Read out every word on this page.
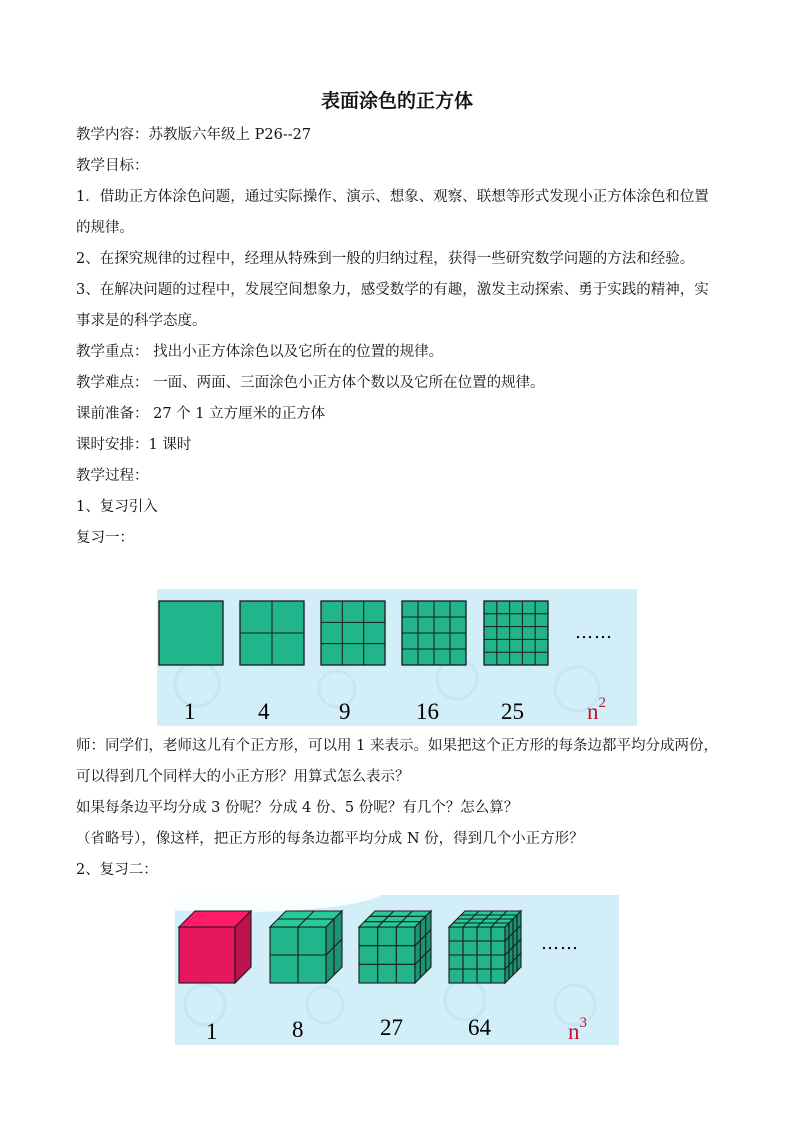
表面涂色的正方体
教学内容：苏教版六年级上 P26--27
教学目标：
1．借助正方体涂色问题，通过实际操作、演示、想象、观察、联想等形式发现小正方体涂色和位置的规律。
2、在探究规律的过程中，经理从特殊到一般的归纳过程，获得一些研究数学问题的方法和经验。
3、在解决问题的过程中，发展空间想象力，感受数学的有趣，激发主动探索、勇于实践的精神，实事求是的科学态度。
教学重点： 找出小正方体涂色以及它所在的位置的规律。
教学难点： 一面、两面、三面涂色小正方体个数以及它所在位置的规律。
课前准备： 27 个 1 立方厘米的正方体
课时安排：1 课时
教学过程：
1、复习引入
复习一：
1	4	9	16	25	$n^2$
……
师：同学们，老师这儿有个正方形，可以用 1 来表示。如果把这个正方形的每条边都平均分成两份，可以得到几个同样大的小正方形？用算式怎么表示？
如果每条边平均分成 3 份呢？分成 4 份、5 份呢？有几个？怎么算？
（省略号），像这样，把正方形的每条边都平均分成 N 份，得到几个小正方形？
2、复习二：
1	8	27	64	$n^3$
……
